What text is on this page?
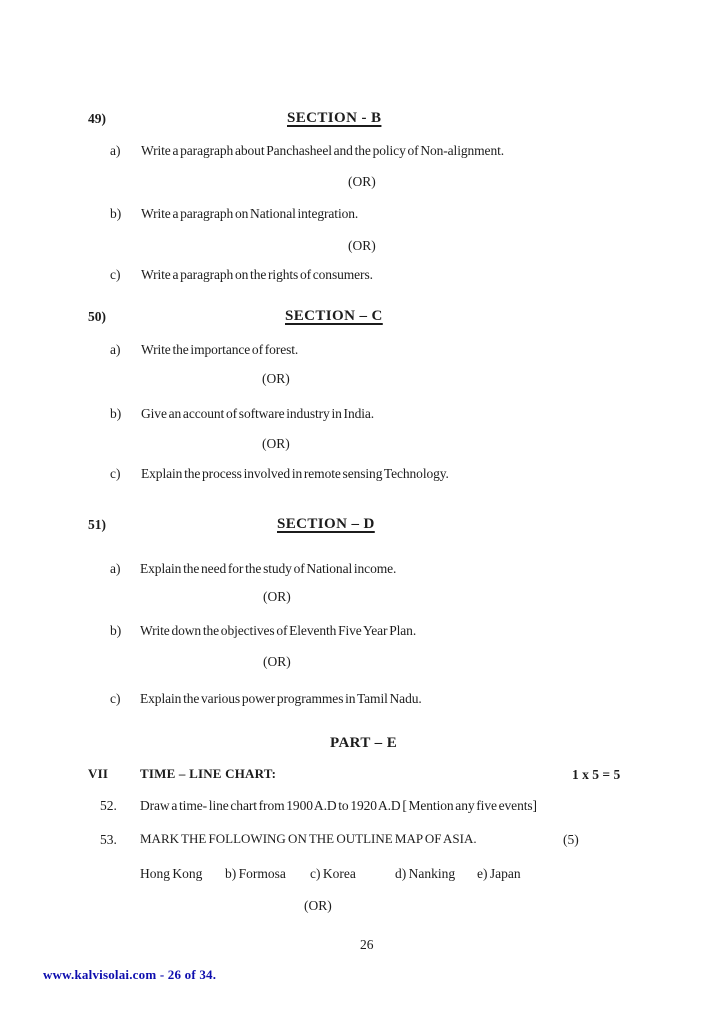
49)	SECTION - B
a) Write a paragraph about Panchasheel and the policy of Non-alignment.
(OR)
b) Write a paragraph on National integration.
(OR)
c) Write a paragraph on the rights of consumers.
50)	SECTION – C
a) Write the importance of forest.
(OR)
b) Give an account of software industry in India.
(OR)
c) Explain the process involved in remote sensing Technology.
51)	SECTION – D
a) Explain the need for the study of National income.
(OR)
b) Write down the objectives of Eleventh Five Year Plan.
(OR)
c) Explain the various power programmes in Tamil Nadu.
PART – E
VII TIME – LINE CHART:	1 x 5 = 5
52. Draw a time- line chart from 1900 A.D to 1920 A.D [ Mention any five events]
53. MARK THE FOLLOWING ON THE OUTLINE MAP OF ASIA.	(5)
Hong Kong b) Formosa c) Korea	d) Nanking e) Japan
(OR)
26
www.kalvisolai.com - 26 of 34.
